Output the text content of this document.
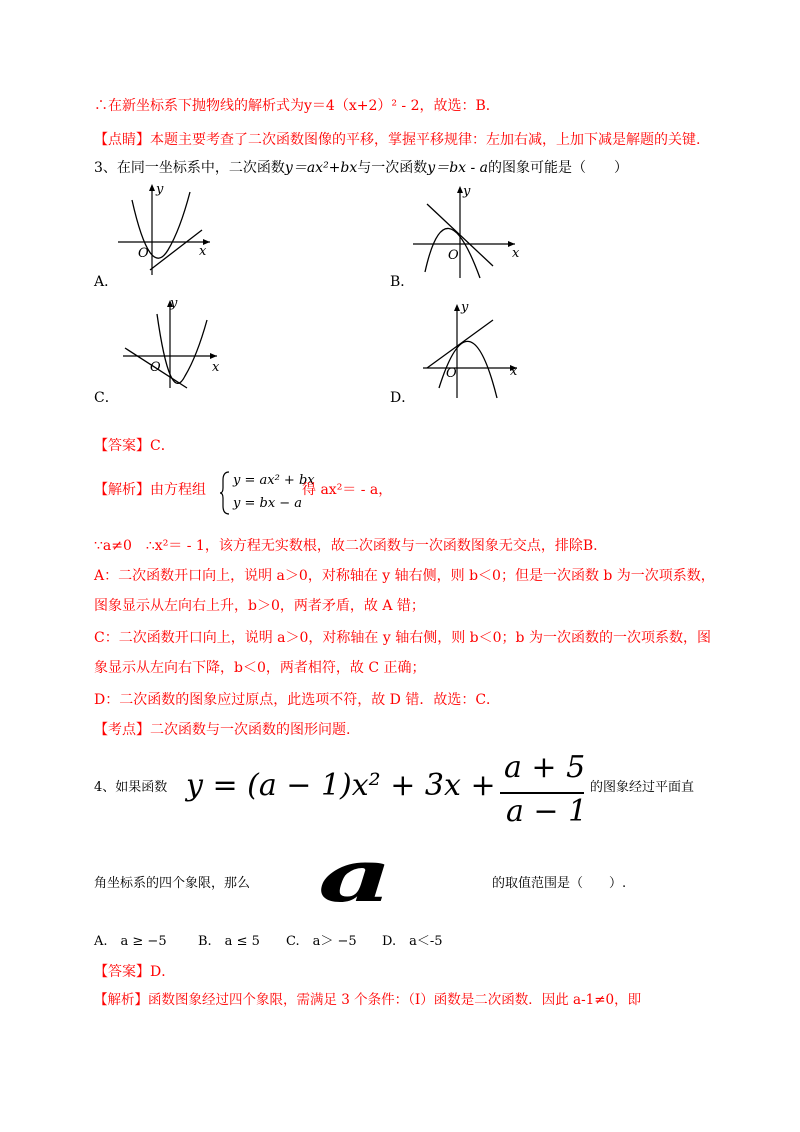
∴在新坐标系下抛物线的解析式为y＝4（x+2）² - 2，故选：B．
【点睛】本题主要考查了二次函数图像的平移，掌握平移规律：左加右减，上加下减是解题的关键.
3、在同一坐标系中，二次函数y＝ax²+bx与一次函数y＝bx - a的图象可能是（　　）
y
x
O
A．
y
x
O
B．
y
x
O
C．
y
x
O
D．
【答案】C．
【解析】由方程组
y = ax² + bx
y = bx − a
得 ax²＝ - a，
∵a≠0　∴x²＝ - 1，该方程无实数根，故二次函数与一次函数图象无交点，排除B.
A：二次函数开口向上，说明 a＞0，对称轴在 y 轴右侧，则 b＜0；但是一次函数 b 为一次项系数，
图象显示从左向右上升，b＞0，两者矛盾，故 A 错；
C：二次函数开口向上，说明 a＞0，对称轴在 y 轴右侧，则 b＜0；b 为一次函数的一次项系数，图
象显示从左向右下降，b＜0，两者相符，故 C 正确；
D：二次函数的图象应过原点，此选项不符，故 D 错．故选：C．
【考点】二次函数与一次函数的图形问题.
4、如果函数 y = (a − 1)x² + 3x +
a + 5
a − 1
的图象经过平面直
角坐标系的四个象限，那么 a	的取值范围是（　　）.
A.　a ≥ −5 B.　a ≤ 5 C.　a＞ −5 D.　a＜-5
【答案】D．
【解析】函数图象经过四个象限，需满足 3 个条件：（Ⅰ）函数是二次函数．因此 a-1≠0，即
